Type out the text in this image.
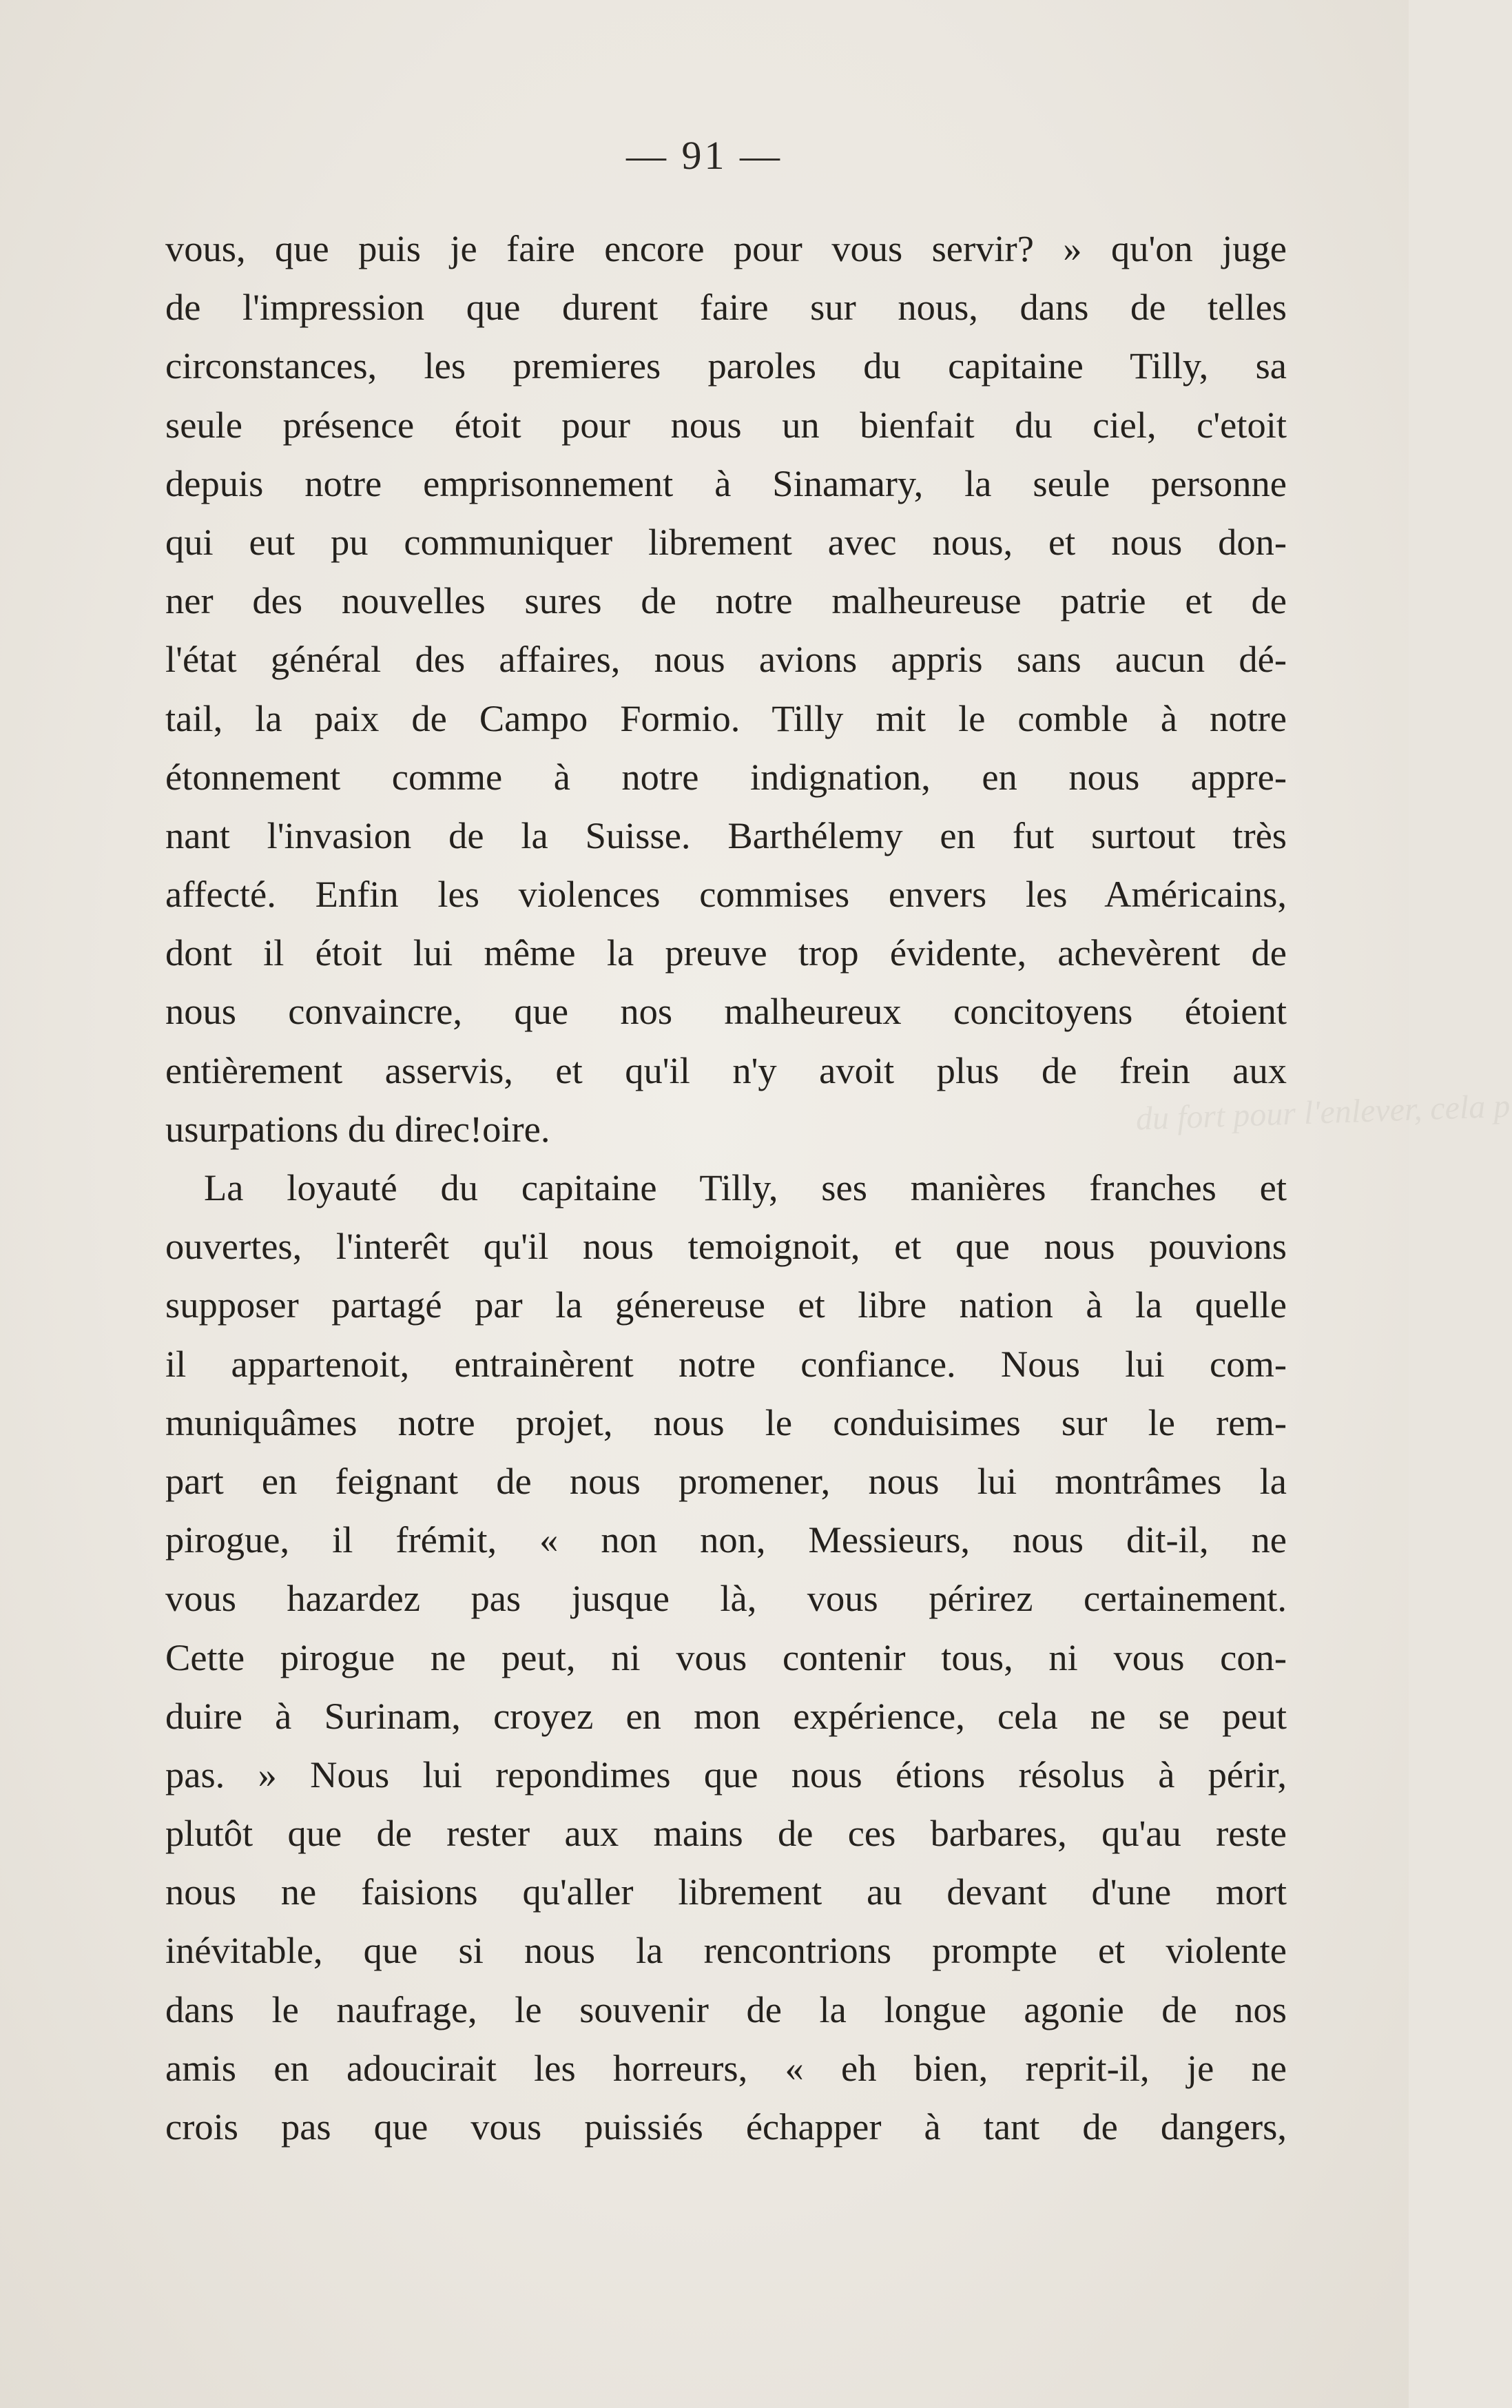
du fort pour l'enlever, cela p
— 91 —
vous, que puis je faire encore pour vous servir? » qu'on juge
de l'impression que durent faire sur nous, dans de telles
circonstances, les premieres paroles du capitaine Tilly, sa
seule présence étoit pour nous un bienfait du ciel, c'etoit
depuis notre emprisonnement à Sinamary, la seule personne
qui eut pu communiquer librement avec nous, et nous don-
ner des nouvelles sures de notre malheureuse patrie et de
l'état général des affaires, nous avions appris sans aucun dé-
tail, la paix de Campo Formio. Tilly mit le comble à notre
étonnement comme à notre indignation, en nous appre-
nant l'invasion de la Suisse. Barthélemy en fut surtout très
affecté. Enfin les violences commises envers les Américains,
dont il étoit lui même la preuve trop évidente, achevèrent de
nous convaincre, que nos malheureux concitoyens étoient
entièrement asservis, et qu'il n'y avoit plus de frein aux
usurpations du direc!oire.
La loyauté du capitaine Tilly, ses manières franches et
ouvertes, l'interêt qu'il nous temoignoit, et que nous pouvions
supposer partagé par la génereuse et libre nation à la quelle
il appartenoit, entrainèrent notre confiance. Nous lui com-
muniquâmes notre projet, nous le conduisimes sur le rem-
part en feignant de nous promener, nous lui montrâmes la
pirogue, il frémit, « non non, Messieurs, nous dit-il, ne
vous hazardez pas jusque là, vous périrez certainement.
Cette pirogue ne peut, ni vous contenir tous, ni vous con-
duire à Surinam, croyez en mon expérience, cela ne se peut
pas. » Nous lui repondimes que nous étions résolus à périr,
plutôt que de rester aux mains de ces barbares, qu'au reste
nous ne faisions qu'aller librement au devant d'une mort
inévitable, que si nous la rencontrions prompte et violente
dans le naufrage, le souvenir de la longue agonie de nos
amis en adoucirait les horreurs, « eh bien, reprit-il, je ne
crois pas que vous puissiés échapper à tant de dangers,
